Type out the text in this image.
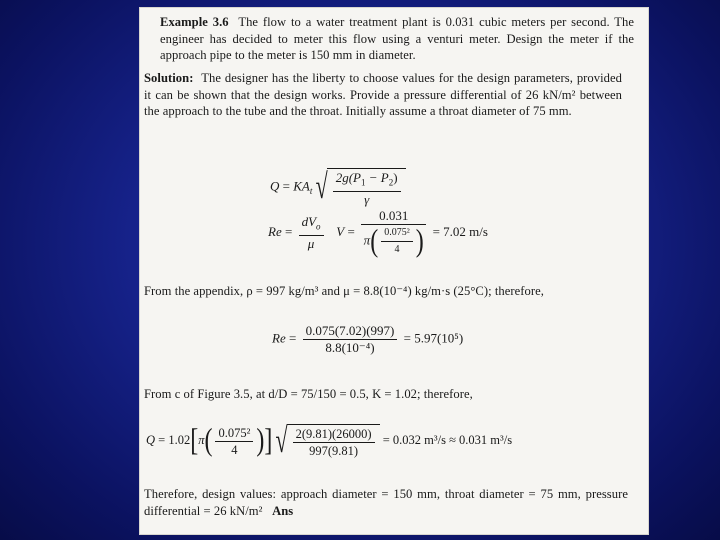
Example 3.6 The flow to a water treatment plant is 0.031 cubic meters per second. The engineer has decided to meter this flow using a venturi meter. Design the meter if the approach pipe to the meter is 150 mm in diameter.
Solution: The designer has the liberty to choose values for the design parameters, provided it can be shown that the design works. Provide a pressure differential of 26 kN/m² between the approach to the tube and the throat. Initially assume a throat diameter of 75 mm.
$Q = KA_t$ √ $\frac{2g(P_1 - P_2)}{\gamma}$
$Re = \frac{dV_o}{\mu}$ $V = \frac{0.031}{\pi( \frac{\text{0.075²}}{4} )} = 7.02$ m/s
From the appendix, ρ = 997 kg/m³ and μ = 8.8(10⁻⁴) kg/m·s (25°C); therefore,
$Re = \frac{0.075(7.02)(997)}{\text{8.8(10⁻⁴)}} = 5.97(10^5)$
From c of Figure 3.5, at d/D = 75/150 = 0.5, K = 1.02; therefore,
$Q = 1.02[\pi( \frac{\text{0.075²}}{4}$ )] √ $\frac{2(9.81)(26000)}{997(9.81)} = 0.032$ m³/s ≈ 0.031 m³/s
Therefore, design values: approach diameter = 150 mm, throat diameter = 75 mm, pressure differential = 26 kN/m² Ans
